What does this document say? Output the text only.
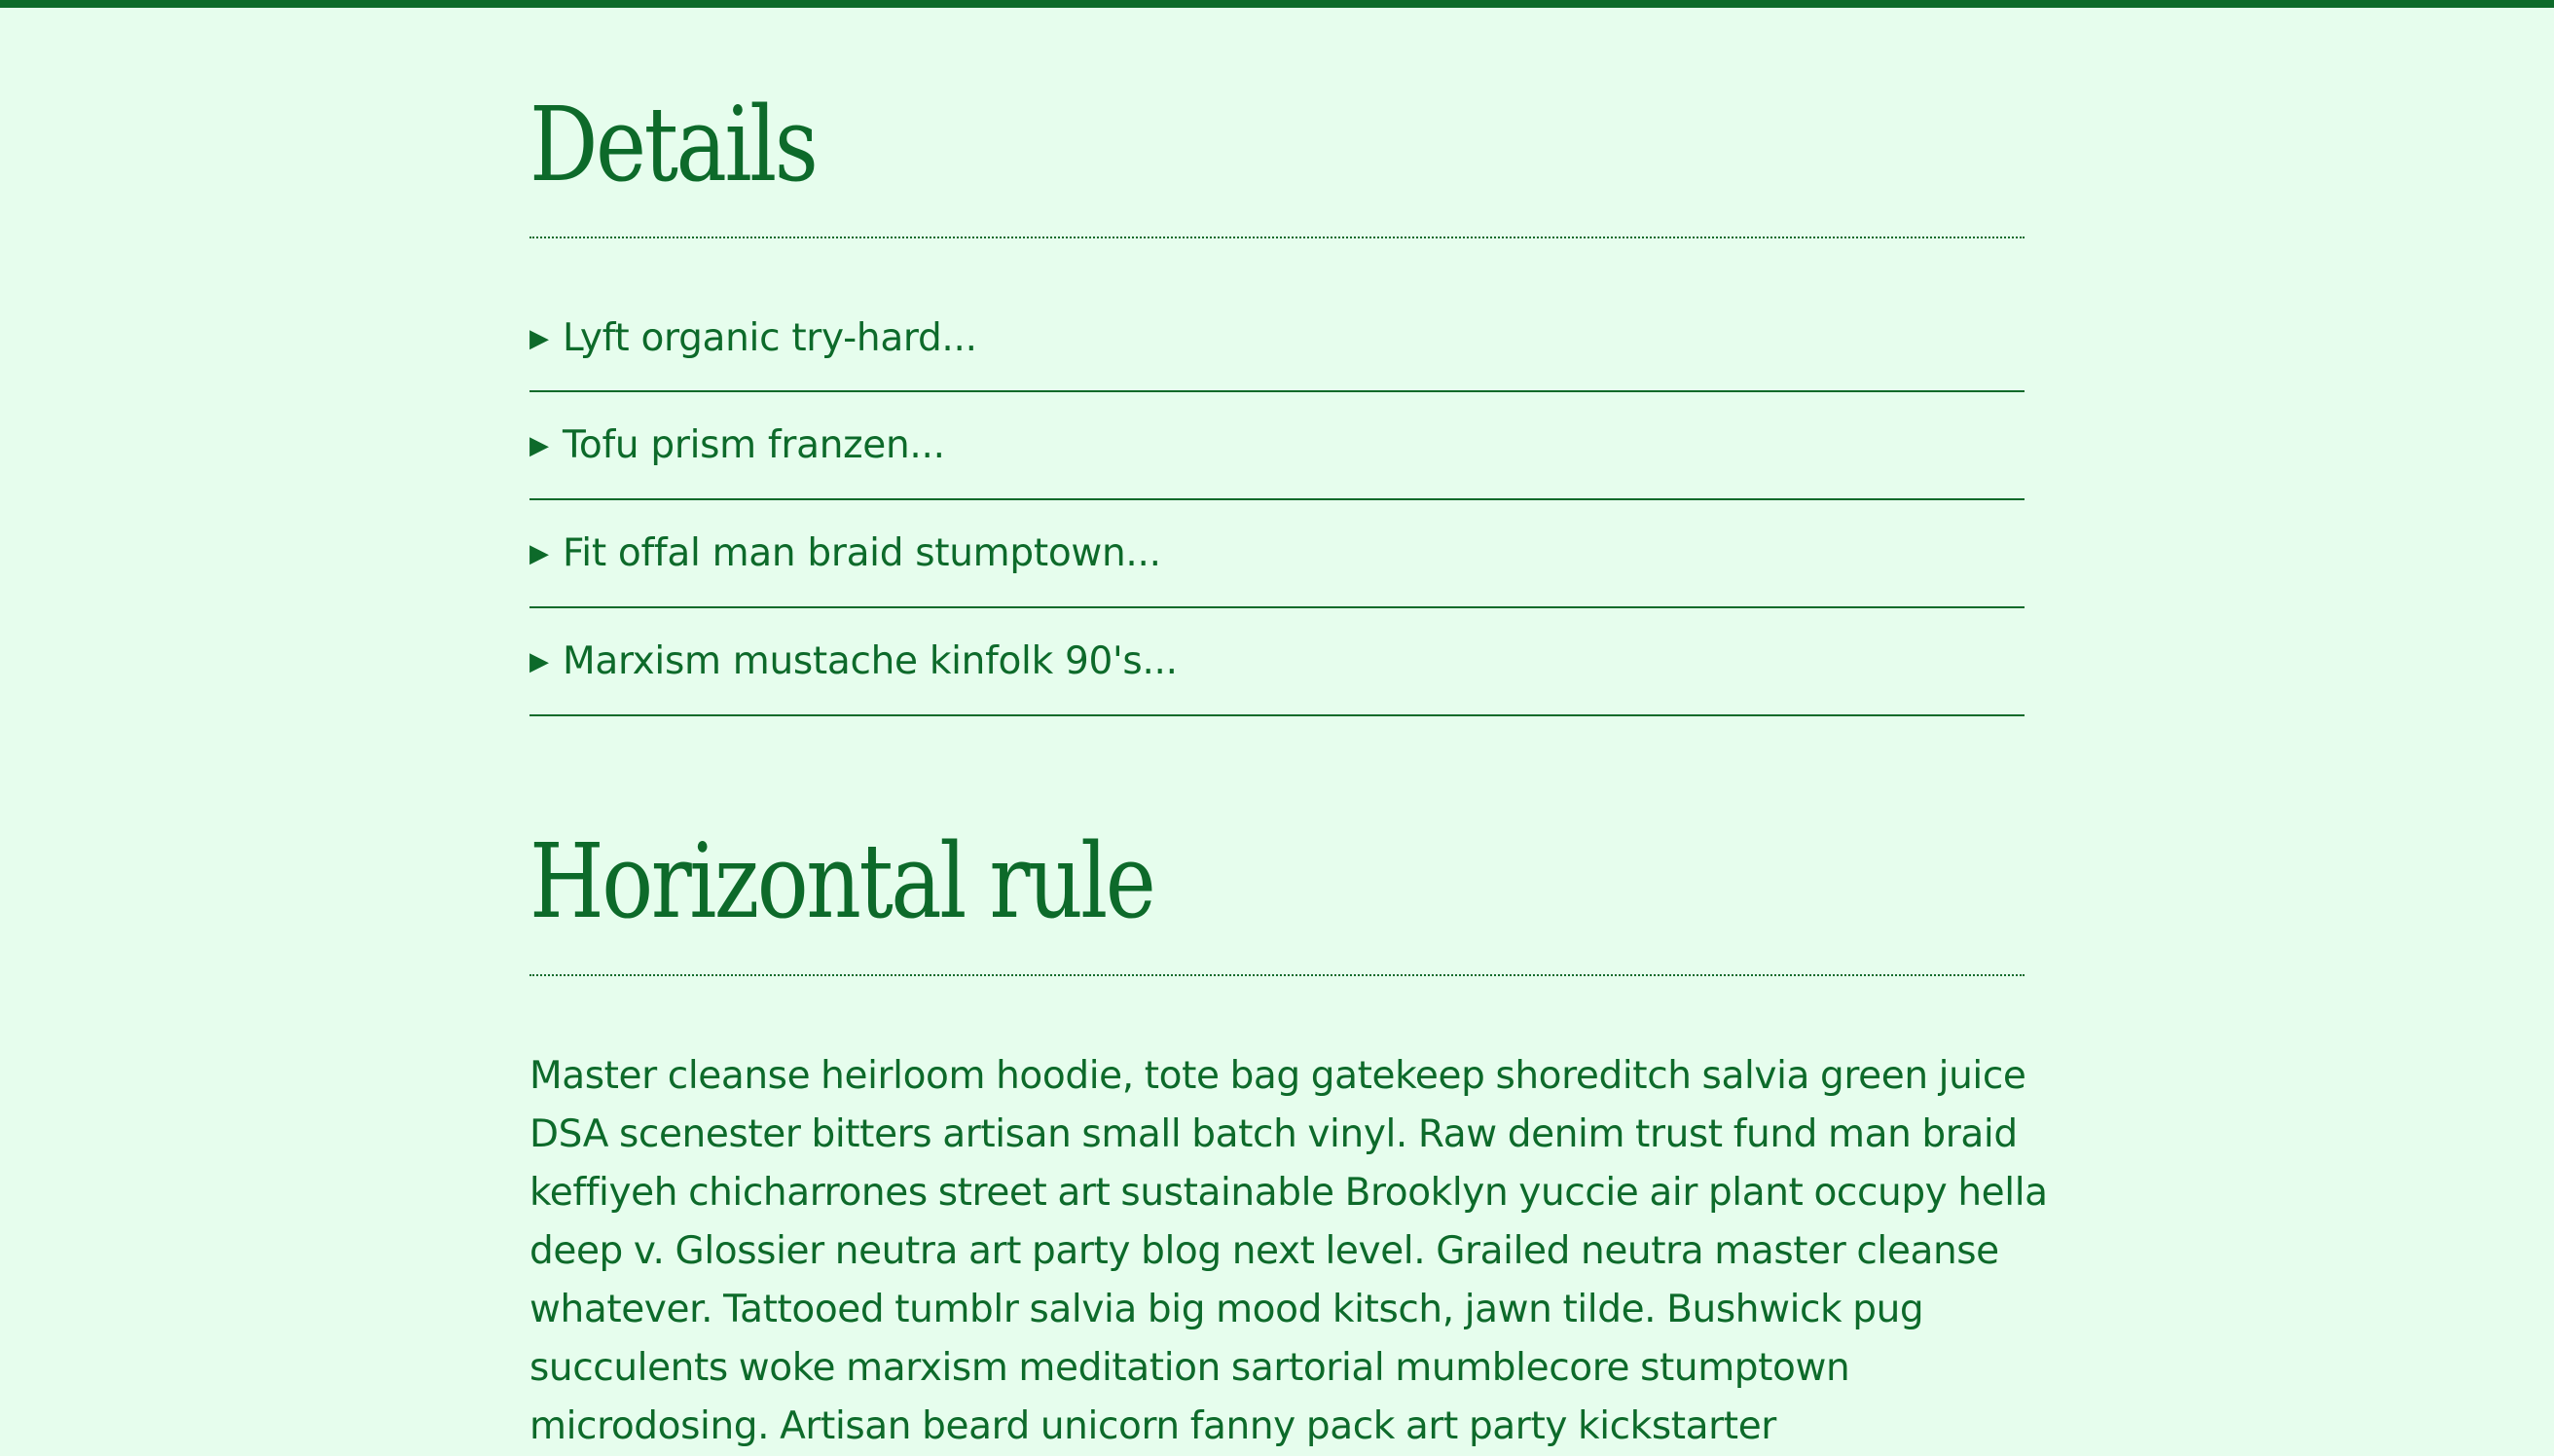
Details
▶ Lyft organic try-hard...
▶ Tofu prism franzen...
▶ Fit offal man braid stumptown...
▶ Marxism mustache kinfolk 90's...
Horizontal rule

Master cleanse heirloom hoodie, tote bag gatekeep shoreditch salvia green juice DSA scenester bitters artisan small batch vinyl. Raw denim trust fund man braid keffiyeh chicharrones street art sustainable Brooklyn yuccie air plant occupy hella deep v. Glossier neutra art party blog next level. Grailed neutra master cleanse whatever. Tattooed tumblr salvia big mood kitsch, jawn tilde. Bushwick pug succulents woke marxism meditation sartorial mumblecore stumptown microdosing. Artisan beard unicorn fanny pack art party kickstarter
